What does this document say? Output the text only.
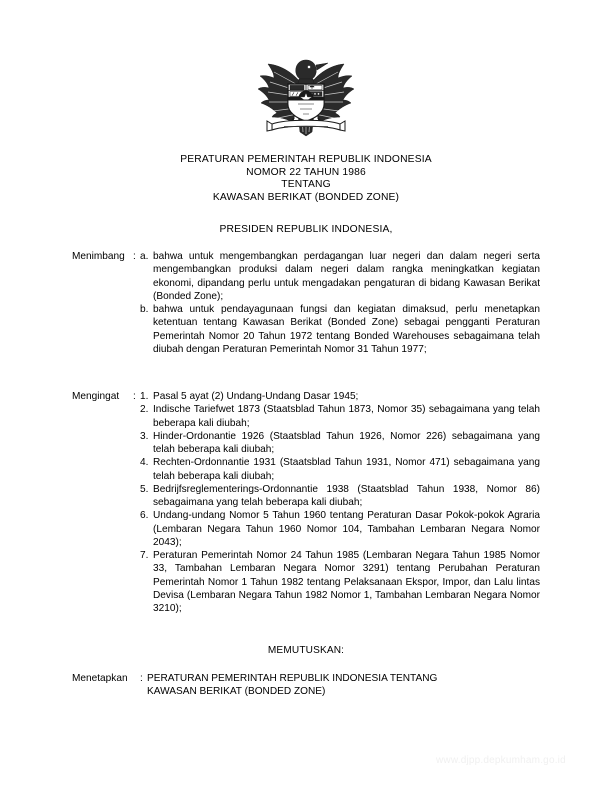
PERATURAN PEMERINTAH REPUBLIK INDONESIA
NOMOR 22 TAHUN 1986
TENTANG
KAWASAN BERIKAT (BONDED ZONE)
PRESIDEN REPUBLIK INDONESIA,
Menimbang : a. bahwa untuk mengembangkan perdagangan luar negeri dan dalam negeri serta mengembangkan produksi dalam negeri dalam rangka meningkatkan kegiatan ekonomi, dipandang perlu untuk mengadakan pengaturan di bidang Kawasan Berikat (Bonded Zone);
b. bahwa untuk pendayagunaan fungsi dan kegiatan dimaksud, perlu menetapkan ketentuan tentang Kawasan Berikat (Bonded Zone) sebagai pengganti Peraturan Pemerintah Nomor 20 Tahun 1972 tentang Bonded Warehouses sebagaimana telah diubah dengan Peraturan Pemerintah Nomor 31 Tahun 1977;
Mengingat	: 1. Pasal 5 ayat (2) Undang-Undang Dasar 1945;
2. Indische Tariefwet 1873 (Staatsblad Tahun 1873, Nomor 35) sebagaimana yang telah beberapa kali diubah;
3. Hinder-Ordonantie 1926 (Staatsblad Tahun 1926, Nomor 226) sebagaimana yang telah beberapa kali diubah;
4. Rechten-Ordonnantie 1931 (Staatsblad Tahun 1931, Nomor 471) sebagaimana yang telah beberapa kali diubah;
5. Bedrijfsreglementerings-Ordonnantie 1938 (Staatsblad Tahun 1938, Nomor 86) sebagaimana yang telah beberapa kali diubah;
6. Undang-undang Nomor 5 Tahun 1960 tentang Peraturan Dasar Pokok-pokok Agraria (Lembaran Negara Tahun 1960 Nomor 104, Tambahan Lembaran Negara Nomor 2043);
7. Peraturan Pemerintah Nomor 24 Tahun 1985 (Lembaran Negara Tahun 1985 Nomor 33, Tambahan Lembaran Negara Nomor 3291) tentang Perubahan Peraturan Pemerintah Nomor 1 Tahun 1982 tentang Pelaksanaan Ekspor, Impor, dan Lalu lintas Devisa (Lembaran Negara Tahun 1982 Nomor 1, Tambahan Lembaran Negara Nomor 3210);
MEMUTUSKAN:
Menetapkan	: PERATURAN PEMERINTAH REPUBLIK INDONESIA TENTANG
KAWASAN BERIKAT (BONDED ZONE)
www.djpp.depkumham.go.id
